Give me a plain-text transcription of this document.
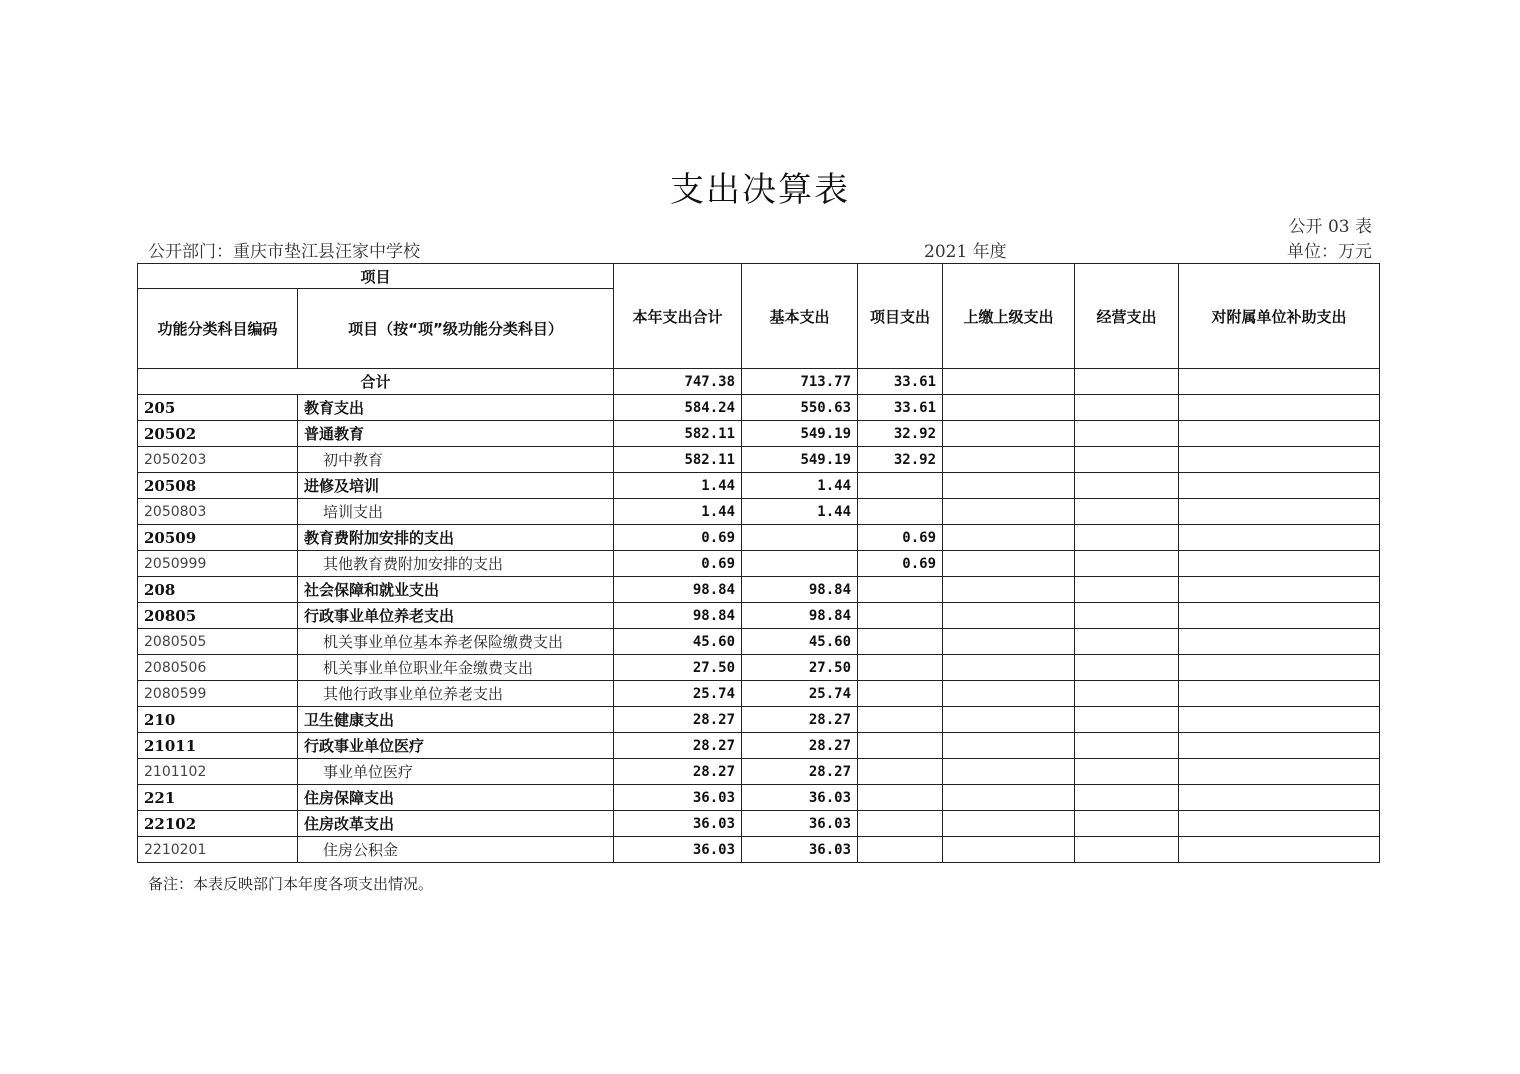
支出决算表
公开 03 表
公开部门：重庆市垫江县汪家中学校	2021 年度	单位：万元
项目		本年支出合计	基本支出	项目支出	上缴上级支出	经营支出	对附属单位补助支出
功能分类科目编码	项目（按“项”级功能分类科目）						
合计		747.38	713.77	33.61			
205	教育支出	584.24	550.63	33.61			
20502	普通教育	582.11	549.19	32.92			
2050203	初中教育	582.11	549.19	32.92			
20508	进修及培训	1.44	1.44				
2050803	培训支出	1.44	1.44				
20509	教育费附加安排的支出	0.69		0.69			
2050999	其他教育费附加安排的支出	0.69		0.69			
208	社会保障和就业支出	98.84	98.84				
20805	行政事业单位养老支出	98.84	98.84				
2080505	机关事业单位基本养老保险缴费支出	45.60	45.60				
2080506	机关事业单位职业年金缴费支出	27.50	27.50				
2080599	其他行政事业单位养老支出	25.74	25.74				
210	卫生健康支出	28.27	28.27				
21011	行政事业单位医疗	28.27	28.27				
2101102	事业单位医疗	28.27	28.27				
221	住房保障支出	36.03	36.03				
22102	住房改革支出	36.03	36.03				
2210201	住房公积金	36.03	36.03				
备注：本表反映部门本年度各项支出情况。
